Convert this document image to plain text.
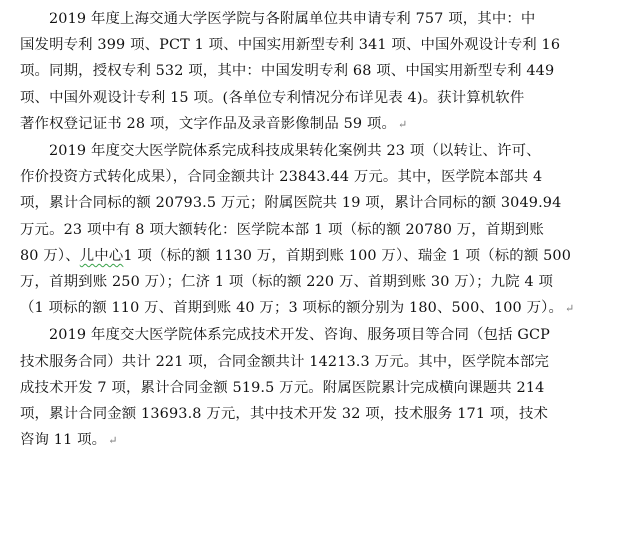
2019 年度上海交通大学医学院与各附属单位共申请专利 757 项，其中：中
国发明专利 399 项、PCT 1 项、中国实用新型专利 341 项、中国外观设计专利 16
项。同期，授权专利 532 项，其中：中国发明专利 68 项、中国实用新型专利 449
项、中国外观设计专利 15 项。(各单位专利情况分布详见表 4)。获计算机软件
著作权登记证书 28 项，文字作品及录音影像制品 59 项。 ↵

2019 年度交大医学院体系完成科技成果转化案例共 23 项（以转让、许可、
作价投资方式转化成果），合同金额共计 23843.44 万元。其中，医学院本部共 4
项，累计合同标的额 20793.5 万元；附属医院共 19 项，累计合同标的额 3049.94
万元。23 项中有 8 项大额转化：医学院本部 1 项（标的额 20780 万，首期到账
80 万）、儿中心1 项（标的额 1130 万，首期到账 100 万）、瑞金 1 项（标的额 500
万，首期到账 250 万）；仁济 1 项（标的额 220 万、首期到账 30 万）；九院 4 项
（1 项标的额 110 万、首期到账 40 万；3 项标的额分别为 180、500、100 万）。 ↵

2019 年度交大医学院体系完成技术开发、咨询、服务项目等合同（包括 GCP
技术服务合同）共计 221 项，合同金额共计 14213.3 万元。其中，医学院本部完
成技术开发 7 项，累计合同金额 519.5 万元。附属医院累计完成横向课题共 214
项，累计合同金额 13693.8 万元，其中技术开发 32 项，技术服务 171 项，技术
咨询 11 项。 ↵
